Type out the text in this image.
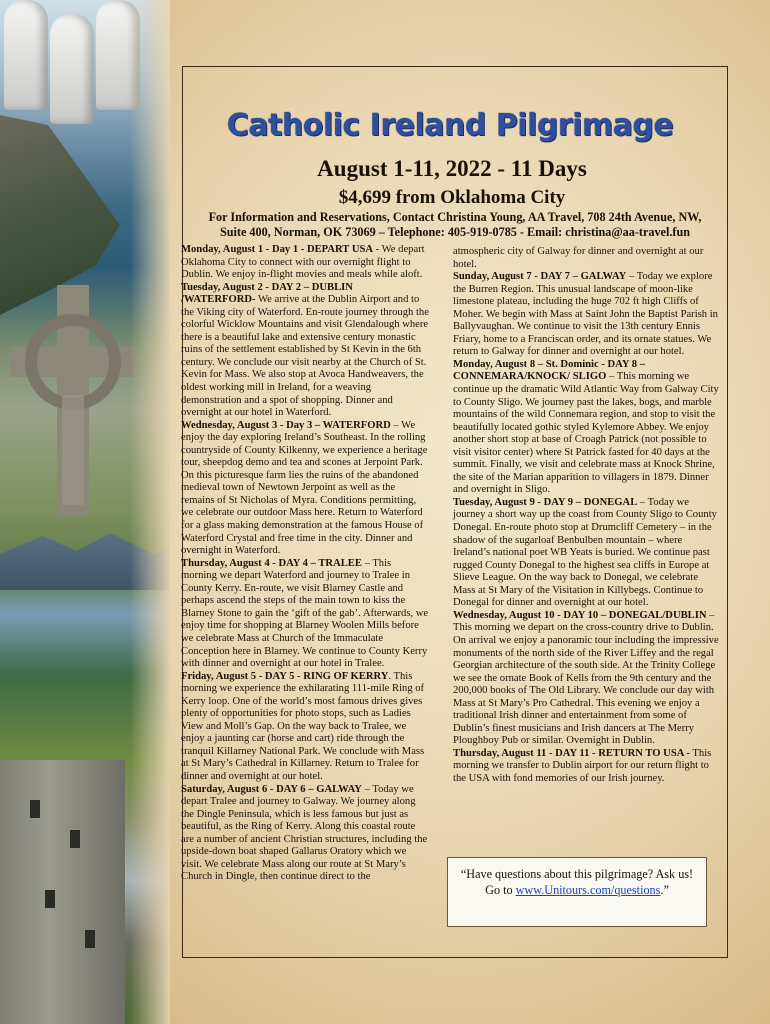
Catholic Ireland Pilgrimage
August 1-11, 2022 - 11 Days
$4,699 from Oklahoma City
For Information and Reservations, Contact Christina Young, AA Travel, 708 24th Avenue, NW,
Suite 400, Norman, OK 73069 – Telephone: 405-919-0785 - Email: christina@aa-travel.fun

Monday, August 1 - Day 1 - DEPART USA - We depart Oklahoma City to connect with our overnight flight to Dublin. We enjoy in-flight movies and meals while aloft.

Tuesday, August 2 - DAY 2 – DUBLIN /WATERFORD- We arrive at the Dublin Airport and to the Viking city of Waterford. En-route journey through the colorful Wicklow Mountains and visit Glendalough where there is a beautiful lake and extensive century monastic ruins of the settlement established by St Kevin in the 6th century. We conclude our visit nearby at the Church of St. Kevin for Mass. We also stop at Avoca Handweavers, the oldest working mill in Ireland, for a weaving demonstration and a spot of shopping. Dinner and overnight at our hotel in Waterford.

Wednesday, August 3 - Day 3 – WATERFORD – We enjoy the day exploring Ireland’s Southeast. In the rolling countryside of County Kilkenny, we experience a heritage tour, sheepdog demo and tea and scones at Jerpoint Park. On this picturesque farm lies the ruins of the abandoned medieval town of Newtown Jerpoint as well as the remains of St Nicholas of Myra. Conditions permitting, we celebrate our outdoor Mass here. Return to Waterford for a glass making demonstration at the famous House of Waterford Crystal and free time in the city. Dinner and overnight in Waterford.

Thursday, August 4 - DAY 4 – TRALEE – This morning we depart Waterford and journey to Tralee in County Kerry. En-route, we visit Blarney Castle and perhaps ascend the steps of the main town to kiss the Blarney Stone to gain the ‘gift of the gab’. Afterwards, we enjoy time for shopping at Blarney Woolen Mills before we celebrate Mass at Church of the Immaculate Conception here in Blarney. We continue to County Kerry with dinner and overnight at our hotel in Tralee.

Friday, August 5 - DAY 5 - RING OF KERRY. This morning we experience the exhilarating 111-mile Ring of Kerry loop. One of the world’s most famous drives gives plenty of opportunities for photo stops, such as Ladies View and Moll’s Gap. On the way back to Tralee, we enjoy a jaunting car (horse and cart) ride through the tranquil Killarney National Park. We conclude with Mass at St Mary’s Cathedral in Killarney. Return to Tralee for dinner and overnight at our hotel.

Saturday, August 6 - DAY 6 – GALWAY – Today we depart Tralee and journey to Galway. We journey along the Dingle Peninsula, which is less famous but just as beautiful, as the Ring of Kerry. Along this coastal route are a number of ancient Christian structures, including the upside-down boat shaped Gallarus Oratory which we visit. We celebrate Mass along our route at St Mary’s Church in Dingle, then continue direct to the

atmospheric city of Galway for dinner and overnight at our hotel.

Sunday, August 7 - DAY 7 – GALWAY – Today we explore the Burren Region. This unusual landscape of moon-like limestone plateau, including the huge 702 ft high Cliffs of Moher. We begin with Mass at Saint John the Baptist Parish in Ballyvaughan. We continue to visit the 13th century Ennis Friary, home to a Franciscan order, and its ornate statues. We return to Galway for dinner and overnight at our hotel.

Monday, August 8 – St. Dominic - DAY 8 – CONNEMARA/KNOCK/ SLIGO – This morning we continue up the dramatic Wild Atlantic Way from Galway City to County Sligo. We journey past the lakes, bogs, and marble mountains of the wild Connemara region, and stop to visit the beautifully located gothic styled Kylemore Abbey. We enjoy another short stop at base of Croagh Patrick (not possible to visit visitor center) where St Patrick fasted for 40 days at the summit. Finally, we visit and celebrate mass at Knock Shrine, the site of the Marian apparition to villagers in 1879. Dinner and overnight in Sligo.

Tuesday, August 9 - DAY 9 – DONEGAL – Today we journey a short way up the coast from County Sligo to County Donegal. En-route photo stop at Drumcliff Cemetery – in the shadow of the sugarloaf Benbulben mountain – where Ireland’s national poet WB Yeats is buried. We continue past rugged County Donegal to the highest sea cliffs in Europe at Slieve League. On the way back to Donegal, we celebrate Mass at St Mary of the Visitation in Killybegs. Continue to Donegal for dinner and overnight at our hotel.

Wednesday, August 10 - DAY 10 – DONEGAL/DUBLIN – This morning we depart on the cross-country drive to Dublin. On arrival we enjoy a panoramic tour including the impressive monuments of the north side of the River Liffey and the regal Georgian architecture of the south side. At the Trinity College we see the ornate Book of Kells from the 9th century and the 200,000 books of The Old Library. We conclude our day with Mass at St Mary’s Pro Cathedral. This evening we enjoy a traditional Irish dinner and entertainment from some of Dublin’s finest musicians and Irish dancers at The Merry Ploughboy Pub or similar. Overnight in Dublin.

Thursday, August 11 - DAY 11 - RETURN TO USA - This morning we transfer to Dublin airport for our return flight to the USA with fond memories of our Irish journey.

“Have questions about this pilgrimage? Ask us! Go to www.Unitours.com/questions.”
